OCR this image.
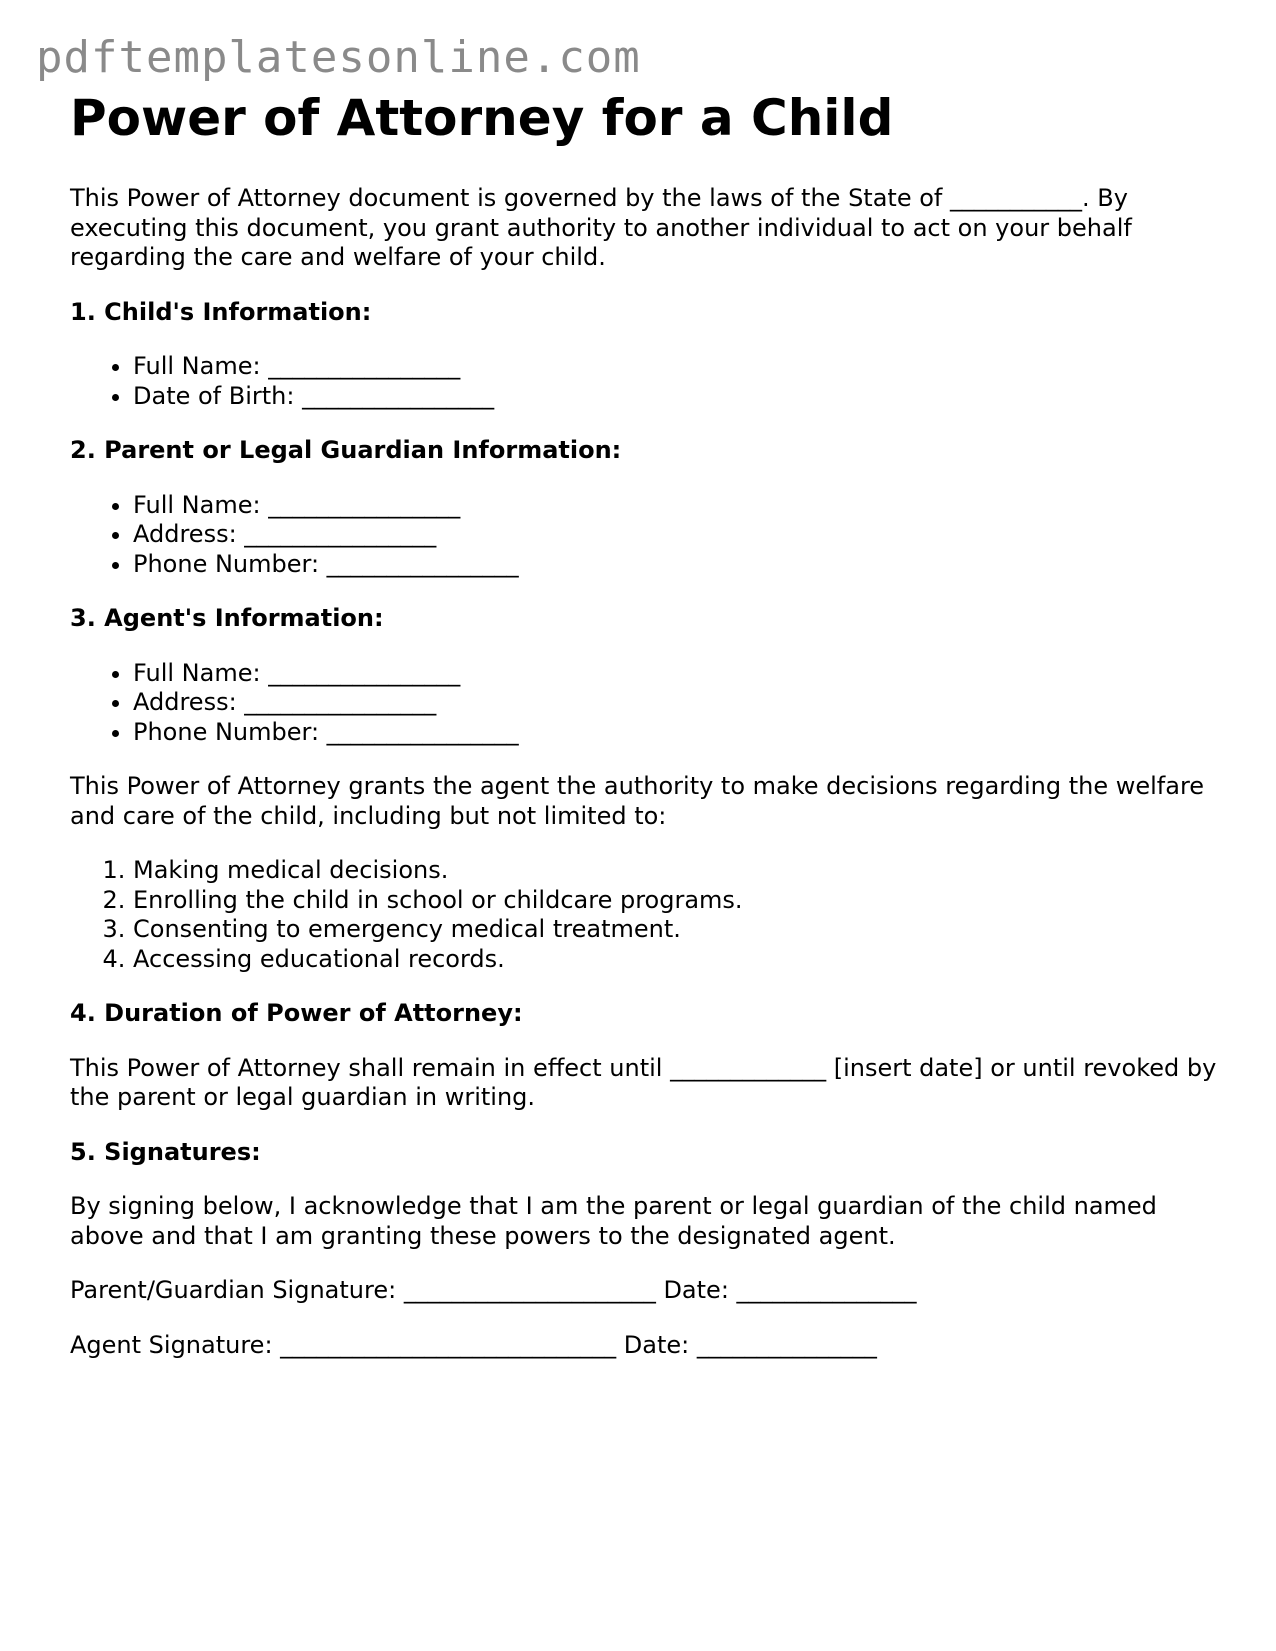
pdftemplatesonline.com
Power of Attorney for a Child

This Power of Attorney document is governed by the laws of the State of ___________. By executing this document, you grant authority to another individual to act on your behalf regarding the care and welfare of your child.

1. Child's Information:
• Full Name: ________________
• Date of Birth: ________________
2. Parent or Legal Guardian Information:
• Full Name: ________________
• Address: ________________
• Phone Number: ________________
3. Agent's Information:
• Full Name: ________________
• Address: ________________
• Phone Number: ________________

This Power of Attorney grants the agent the authority to make decisions regarding the welfare and care of the child, including but not limited to:

1. Making medical decisions.
2. Enrolling the child in school or childcare programs.
3. Consenting to emergency medical treatment.
4. Accessing educational records.
4. Duration of Power of Attorney:

This Power of Attorney shall remain in effect until _____________ [insert date] or until revoked by the parent or legal guardian in writing.

5. Signatures:

By signing below, I acknowledge that I am the parent or legal guardian of the child named above and that I am granting these powers to the designated agent.

Parent/Guardian Signature: _____________________ Date: _______________

Agent Signature: ____________________________ Date: _______________
